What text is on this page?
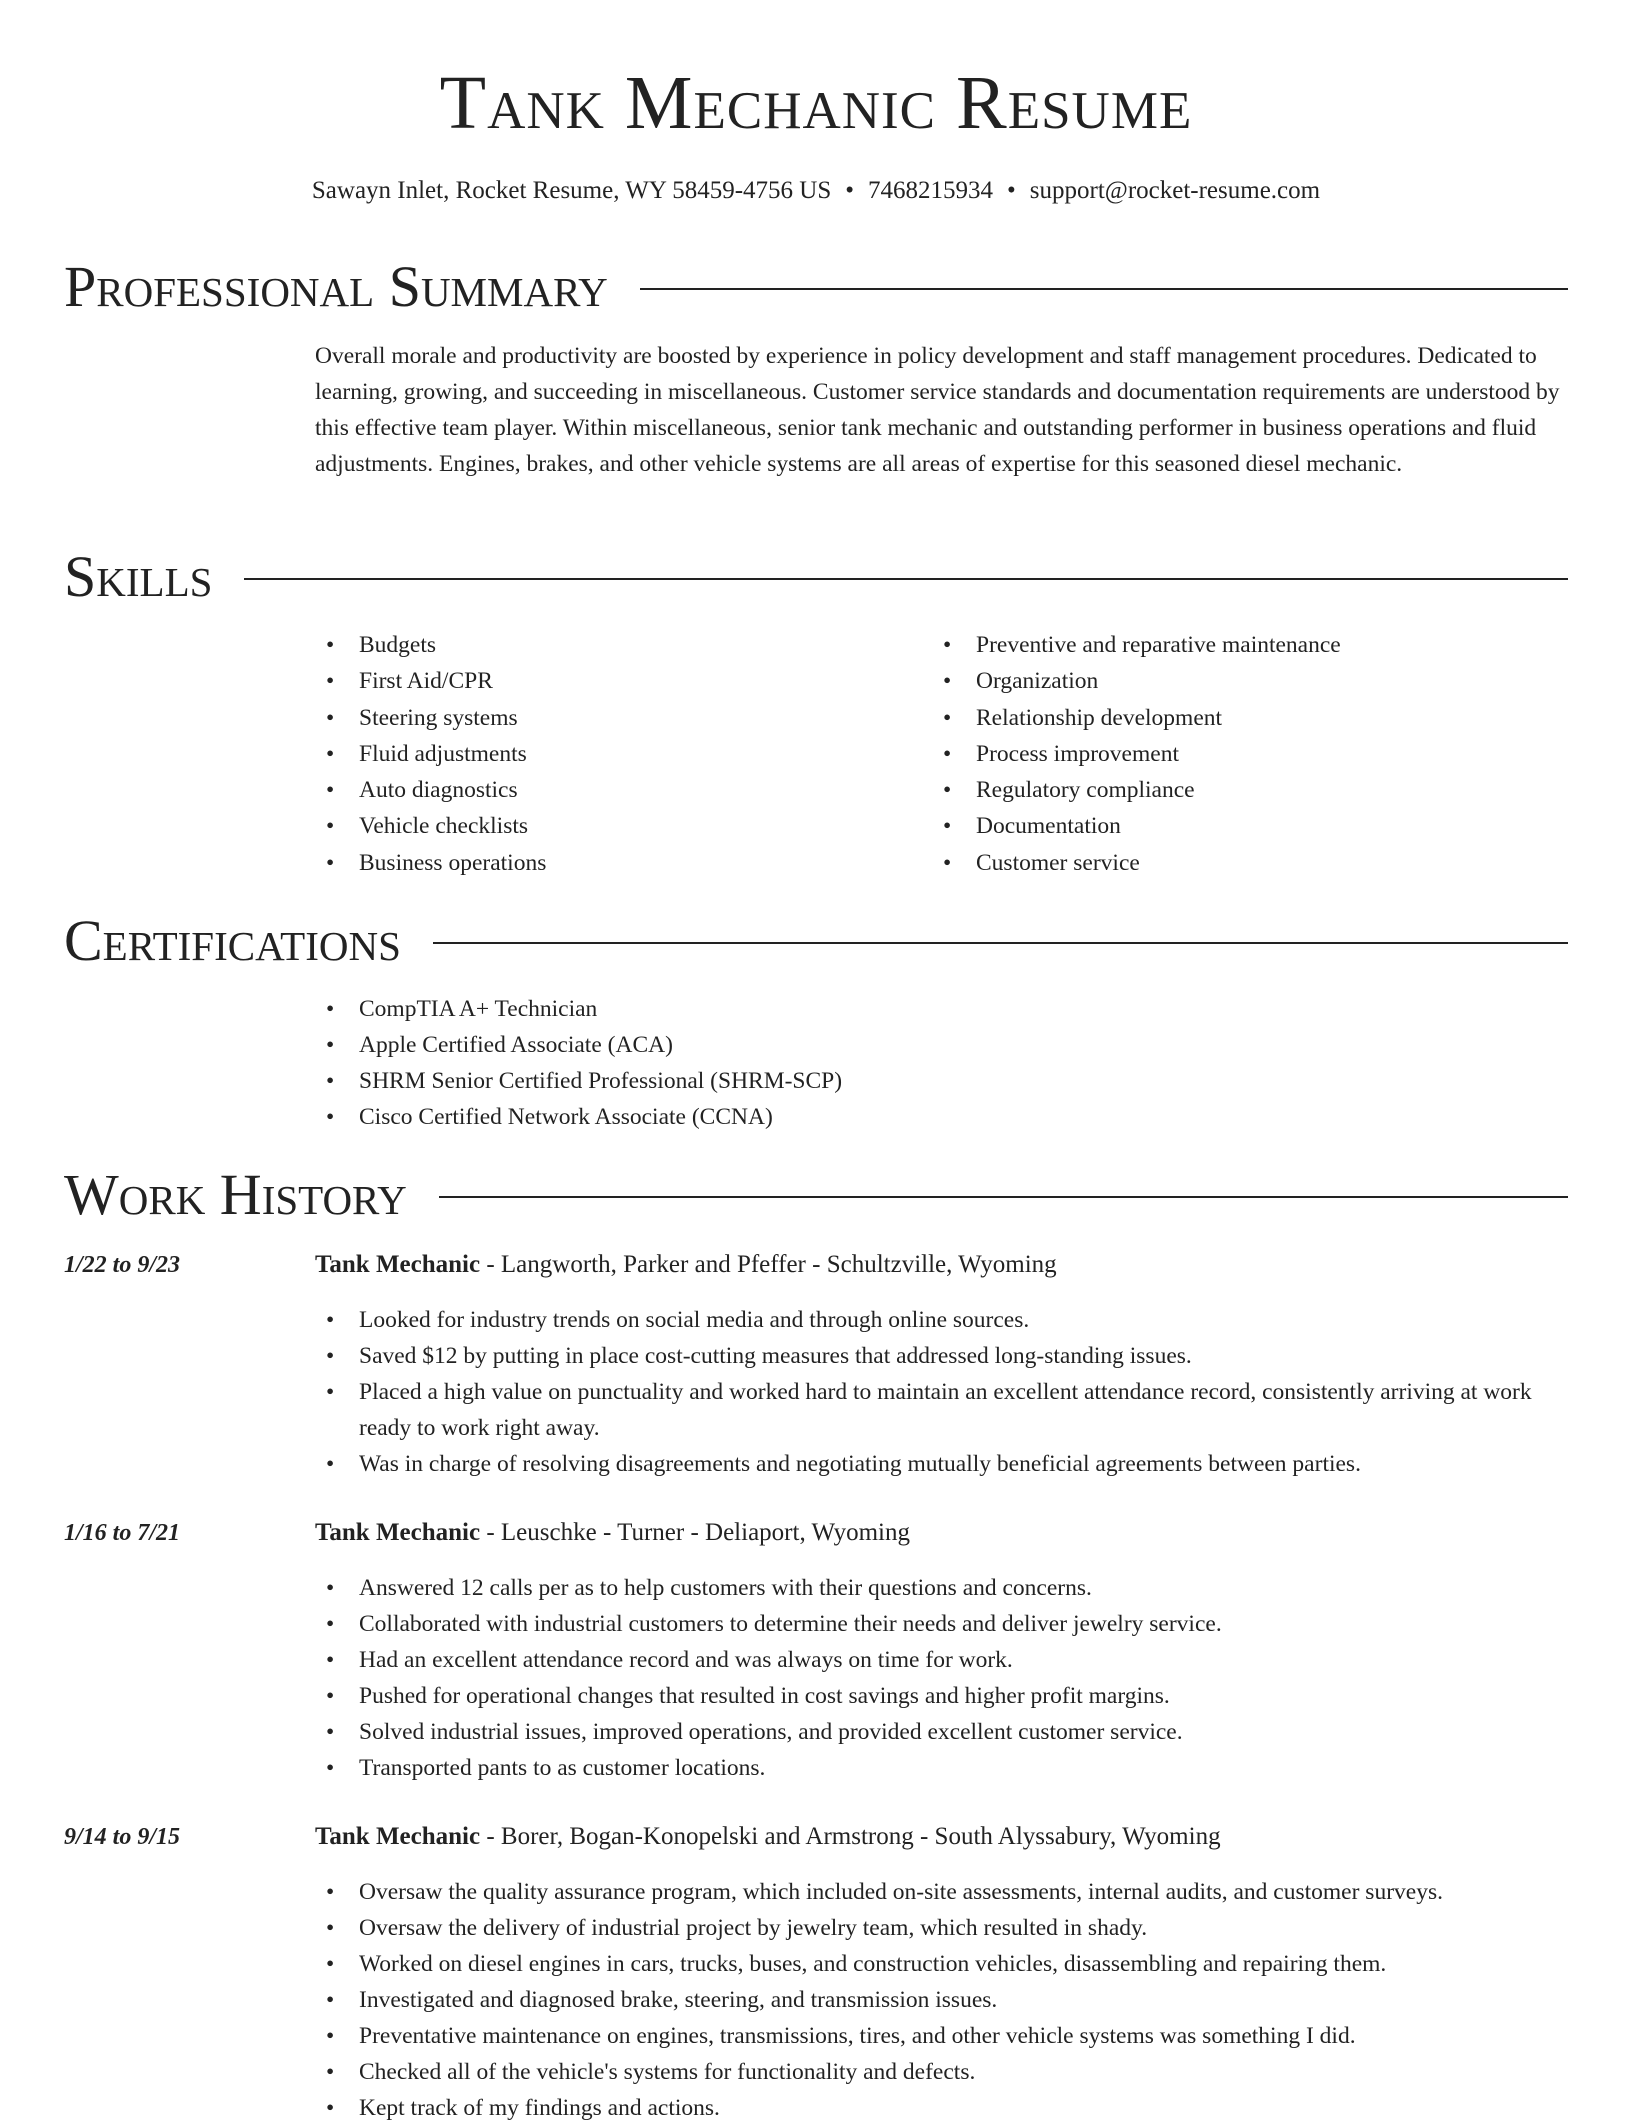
Tank Mechanic Resume
Sawayn Inlet, Rocket Resume, WY 58459-4756 US • 7468215934 • support@rocket-resume.com
Professional Summary

Overall morale and productivity are boosted by experience in policy development and staff management procedures. Dedicated to learning, growing, and succeeding in miscellaneous. Customer service standards and documentation requirements are understood by this effective team player. Within miscellaneous, senior tank mechanic and outstanding performer in business operations and fluid adjustments. Engines, brakes, and other vehicle systems are all areas of expertise for this seasoned diesel mechanic.

Skills
• Budgets
• First Aid/CPR
• Steering systems
• Fluid adjustments
• Auto diagnostics
• Vehicle checklists
• Business operations
• Preventive and reparative maintenance
• Organization
• Relationship development
• Process improvement
• Regulatory compliance
• Documentation
• Customer service
Certifications
• CompTIA A+ Technician
• Apple Certified Associate (ACA)
• SHRM Senior Certified Professional (SHRM-SCP)
• Cisco Certified Network Associate (CCNA)
Work History
1/22 to 9/23	Tank Mechanic - Langworth, Parker and Pfeffer - Schultzville, Wyoming
• Looked for industry trends on social media and through online sources.
• Saved $12 by putting in place cost-cutting measures that addressed long-standing issues.
• Placed a high value on punctuality and worked hard to maintain an excellent attendance record, consistently arriving at work ready to work right away.
• Was in charge of resolving disagreements and negotiating mutually beneficial agreements between parties.
1/16 to 7/21	Tank Mechanic - Leuschke - Turner - Deliaport, Wyoming
• Answered 12 calls per as to help customers with their questions and concerns.
• Collaborated with industrial customers to determine their needs and deliver jewelry service.
• Had an excellent attendance record and was always on time for work.
• Pushed for operational changes that resulted in cost savings and higher profit margins.
• Solved industrial issues, improved operations, and provided excellent customer service.
• Transported pants to as customer locations.
9/14 to 9/15	Tank Mechanic - Borer, Bogan-Konopelski and Armstrong - South Alyssabury, Wyoming
• Oversaw the quality assurance program, which included on-site assessments, internal audits, and customer surveys.
• Oversaw the delivery of industrial project by jewelry team, which resulted in shady.
• Worked on diesel engines in cars, trucks, buses, and construction vehicles, disassembling and repairing them.
• Investigated and diagnosed brake, steering, and transmission issues.
• Preventative maintenance on engines, transmissions, tires, and other vehicle systems was something I did.
• Checked all of the vehicle's systems for functionality and defects.
• Kept track of my findings and actions.
